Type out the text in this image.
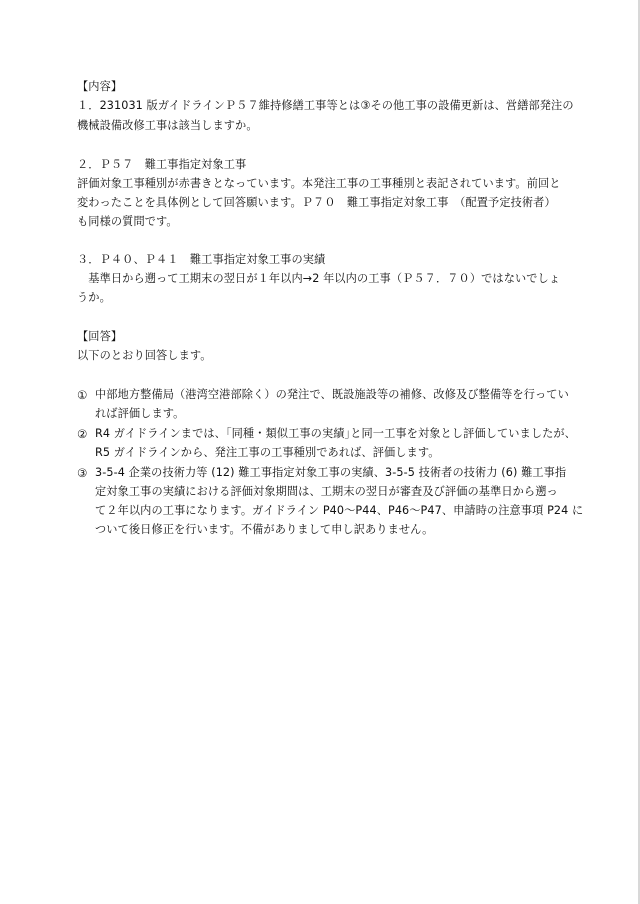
【内容】
１．231031 版ガイドラインＰ５７維持修繕工事等とは③その他工事の設備更新は、営繕部発注の
機械設備改修工事は該当しますか。
２．Ｐ５７　難工事指定対象工事
評価対象工事種別が赤書きとなっています。本発注工事の工事種別と表記されています。前回と
変わったことを具体例として回答願います。Ｐ７０　難工事指定対象工事　（配置予定技術者）
も同様の質問です。
３．Ｐ４０、Ｐ４１　難工事指定対象工事の実績
　基準日から遡って工期末の翌日が１年以内→2 年以内の工事（Ｐ５７．７０）ではないでしょ
うか。
【回答】
以下のとおり回答します。
① 中部地方整備局（港湾空港部除く）の発注で、既設施設等の補修、改修及び整備等を行ってい
れば評価します。
② R4 ガイドラインまでは、｢同種・類似工事の実績｣と同一工事を対象とし評価していましたが、
R5 ガイドラインから、発注工事の工事種別であれば、評価します。
③ 3-5-4 企業の技術力等 (12) 難工事指定対象工事の実績、3-5-5 技術者の技術力 (6) 難工事指
定対象工事の実績における評価対象期間は、工期末の翌日が審査及び評価の基準日から遡っ
て２年以内の工事になります。ガイドライン P40～P44、P46～P47、申請時の注意事項 P24 に
ついて後日修正を行います。不備がありまして申し訳ありません。
